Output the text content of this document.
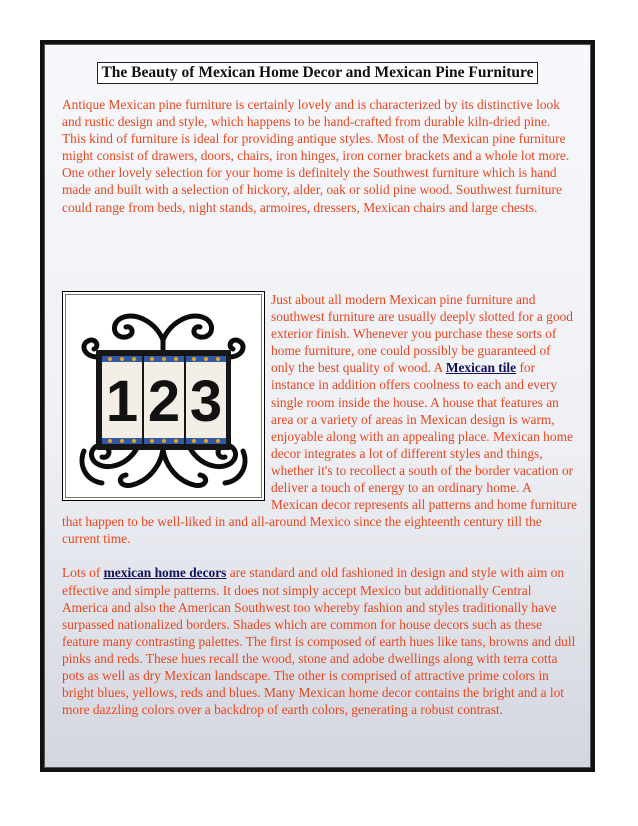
The Beauty of Mexican Home Decor and Mexican Pine Furniture

Antique Mexican pine furniture is certainly lovely and is characterized by its distinctive look and rustic design and style, which happens to be hand-crafted from durable kiln-dried pine. This kind of furniture is ideal for providing antique styles. Most of the Mexican pine furniture might consist of drawers, doors, chairs, iron hinges, iron corner brackets and a whole lot more. One other lovely selection for your home is definitely the Southwest furniture which is hand made and built with a selection of hickory, alder, oak or solid pine wood. Southwest furniture could range from beds, night stands, armoires, dressers, Mexican chairs and large chests.

1 2 3

Just about all modern Mexican pine furniture and southwest furniture are usually deeply slotted for a good exterior finish. Whenever you purchase these sorts of home furniture, one could possibly be guaranteed of only the best quality of wood. A Mexican tile for instance in addition offers coolness to each and every single room inside the house. A house that features an area or a variety of areas in Mexican design is warm, enjoyable along with an appealing place. Mexican home decor integrates a lot of different styles and things, whether it's to recollect a south of the border vacation or deliver a touch of energy to an ordinary home. A Mexican decor represents all patterns and home furniture that happen to be well-liked in and all-around Mexico since the eighteenth century till the current time.

Lots of mexican home decors are standard and old fashioned in design and style with aim on effective and simple patterns. It does not simply accept Mexico but additionally Central America and also the American Southwest too whereby fashion and styles traditionally have surpassed nationalized borders. Shades which are common for house decors such as these feature many contrasting palettes. The first is composed of earth hues like tans, browns and dull pinks and reds. These hues recall the wood, stone and adobe dwellings along with terra cotta pots as well as dry Mexican landscape. The other is comprised of attractive prime colors in bright blues, yellows, reds and blues. Many Mexican home decor contains the bright and a lot more dazzling colors over a backdrop of earth colors, generating a robust contrast.
